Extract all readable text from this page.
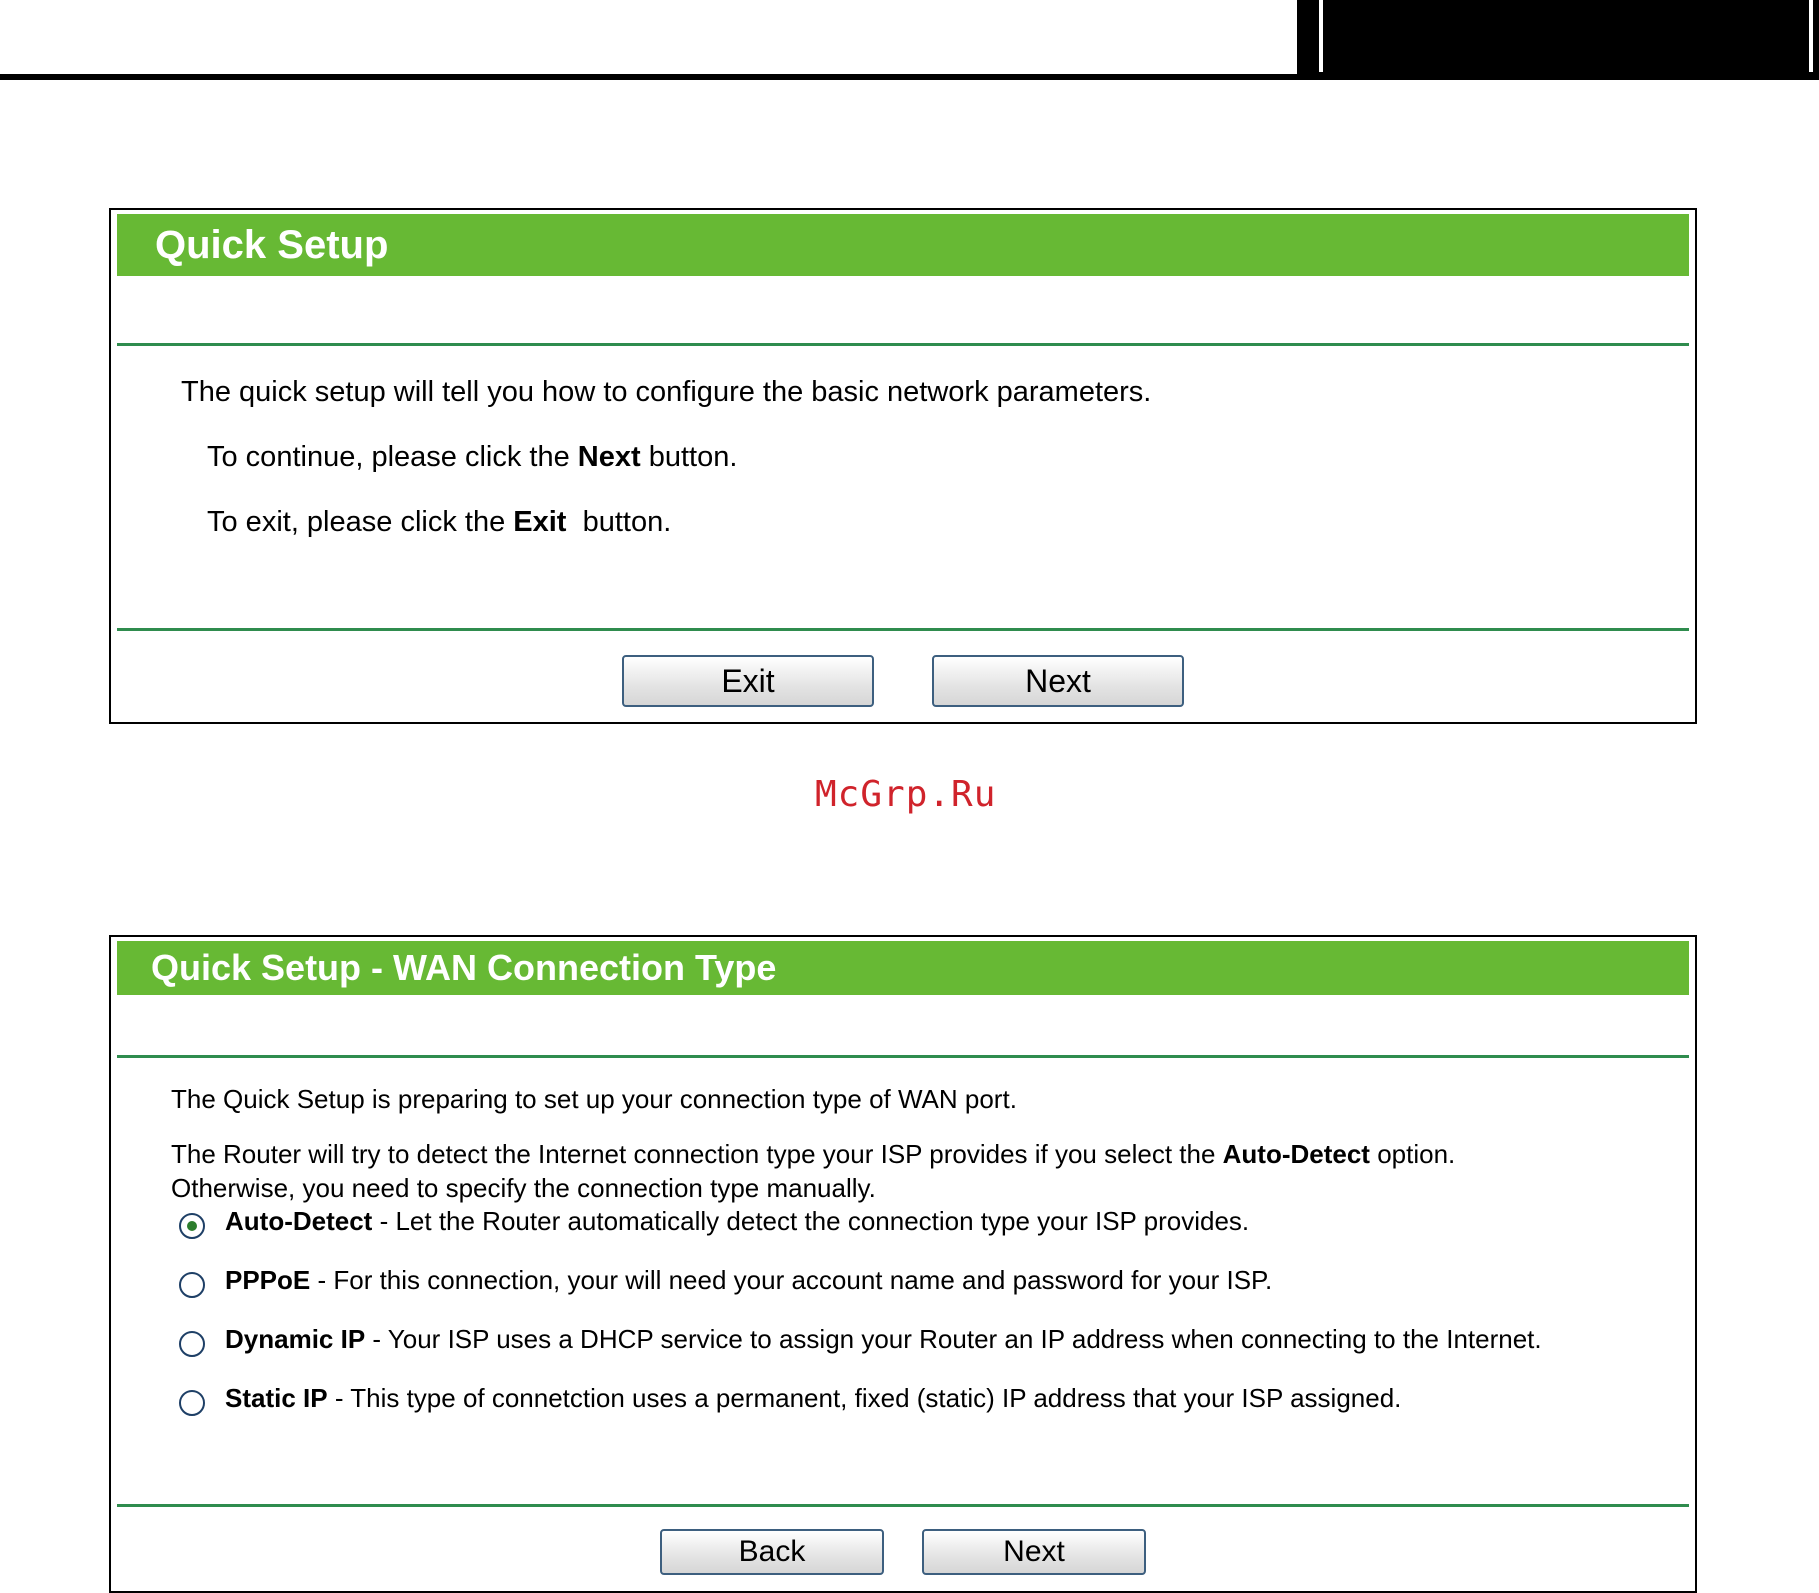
Quick Setup

The quick setup will tell you how to configure the basic network parameters.

To continue, please click the Next button.

To exit, please click the Exit  button.

Exit	Next
McGrp.Ru
Quick Setup - WAN Connection Type

The Quick Setup is preparing to set up your connection type of WAN port.

The Router will try to detect the Internet connection type your ISP provides if you select the Auto-Detect option.
Otherwise, you need to specify the connection type manually.
Auto-Detect - Let the Router automatically detect the connection type your ISP provides.
PPPoE - For this connection, your will need your account name and password for your ISP.
Dynamic IP - Your ISP uses a DHCP service to assign your Router an IP address when connecting to the Internet.
Static IP - This type of connetction uses a permanent, fixed (static) IP address that your ISP assigned.
Back	Next
